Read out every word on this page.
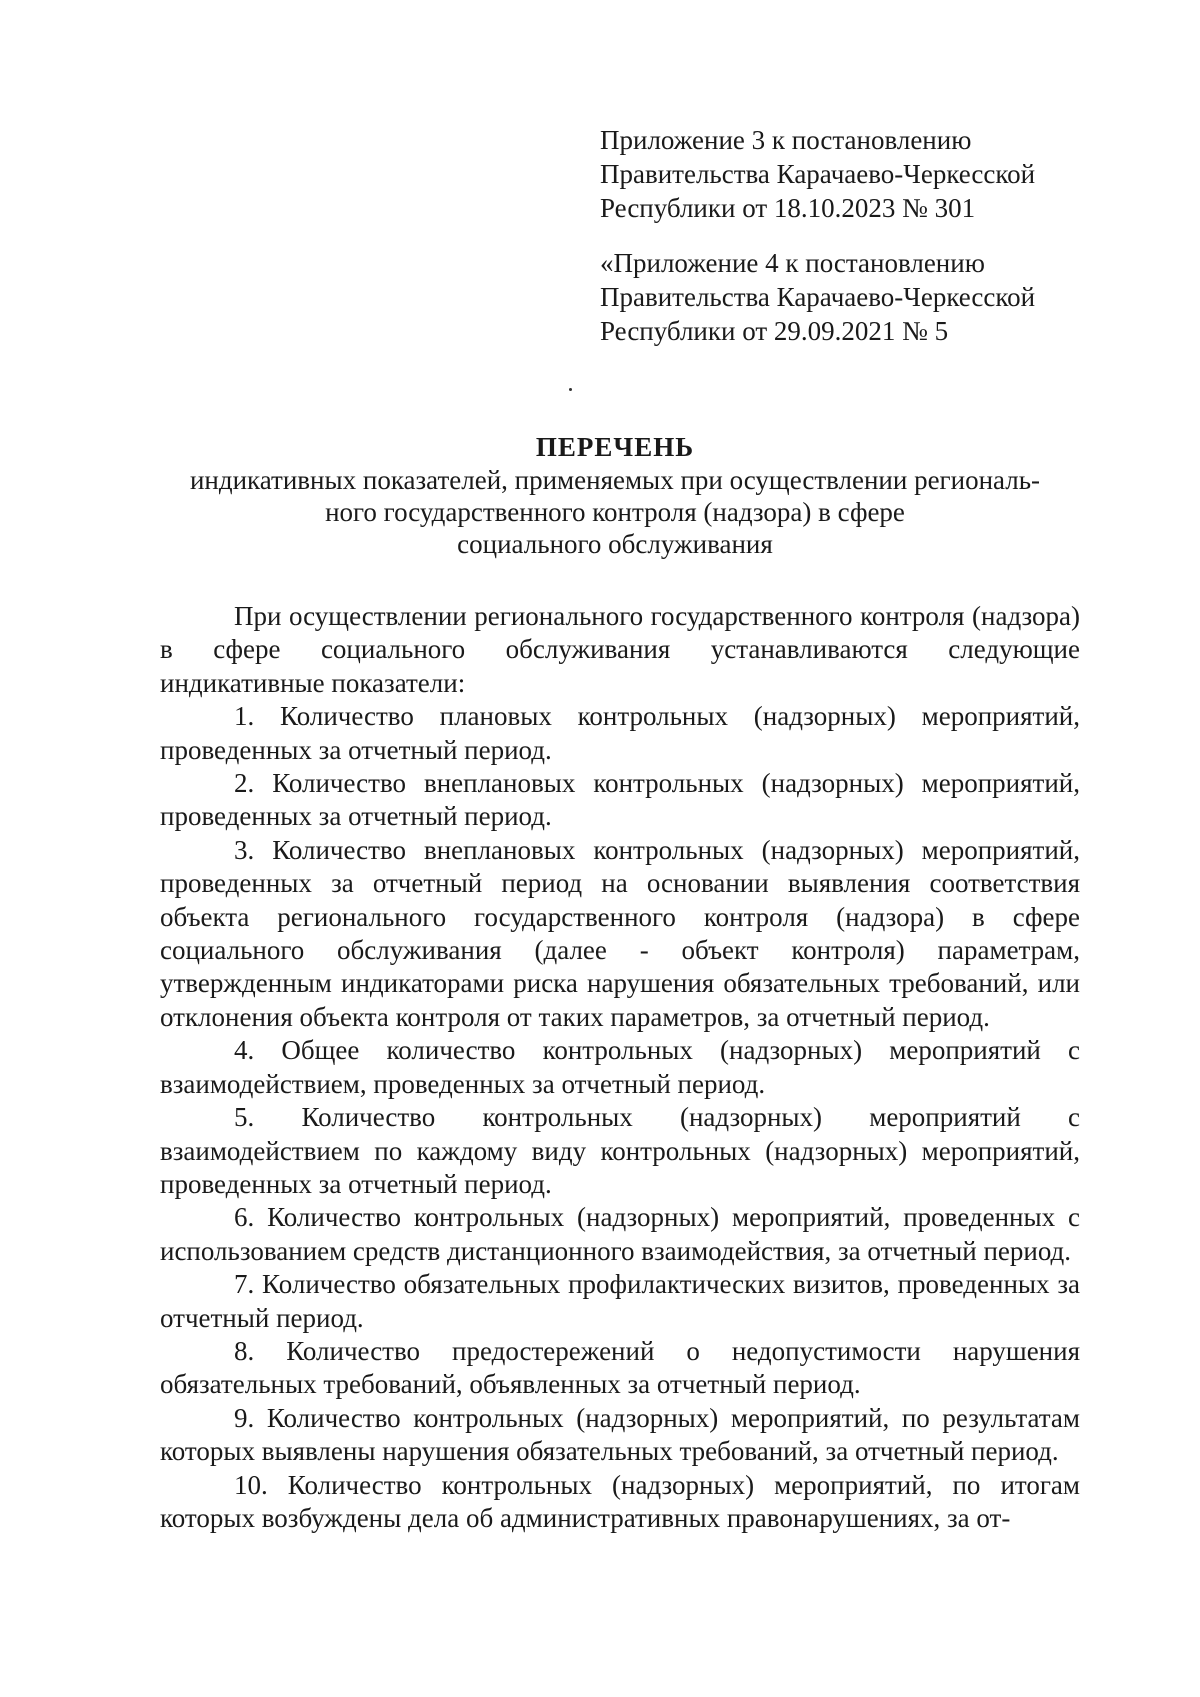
Приложение 3 к постановлению
Правительства Карачаево-Черкесской
Республики от 18.10.2023 № 301
«Приложение 4 к постановлению
Правительства Карачаево-Черкесской
Республики от 29.09.2021 № 5
ПЕРЕЧЕНЬ
индикативных показателей, применяемых при осуществлении региональ-
ного государственного контроля (надзора) в сфере
социального обслуживания

При осуществлении регионального государственного контроля (надзора) в сфере социального обслуживания устанавливаются следующие индикативные показатели:

1. Количество плановых контрольных (надзорных) мероприятий, проведенных за отчетный период.

2. Количество внеплановых контрольных (надзорных) мероприятий, проведенных за отчетный период.

3. Количество внеплановых контрольных (надзорных) мероприятий, проведенных за отчетный период на основании выявления соответствия объекта регионального государственного контроля (надзора) в сфере социального обслуживания (далее - объект контроля) параметрам, утвержденным индикаторами риска нарушения обязательных требований, или отклонения объекта контроля от таких параметров, за отчетный период.

4. Общее количество контрольных (надзорных) мероприятий с взаимодействием, проведенных за отчетный период.

5. Количество контрольных (надзорных) мероприятий с взаимодействием по каждому виду контрольных (надзорных) мероприятий, проведенных за отчетный период.

6. Количество контрольных (надзорных) мероприятий, проведенных с использованием средств дистанционного взаимодействия, за отчетный период.

7. Количество обязательных профилактических визитов, проведенных за отчетный период.

8. Количество предостережений о недопустимости нарушения обязательных требований, объявленных за отчетный период.

9. Количество контрольных (надзорных) мероприятий, по результатам которых выявлены нарушения обязательных требований, за отчетный период.

10. Количество контрольных (надзорных) мероприятий, по итогам которых возбуждены дела об административных правонарушениях, за от-
